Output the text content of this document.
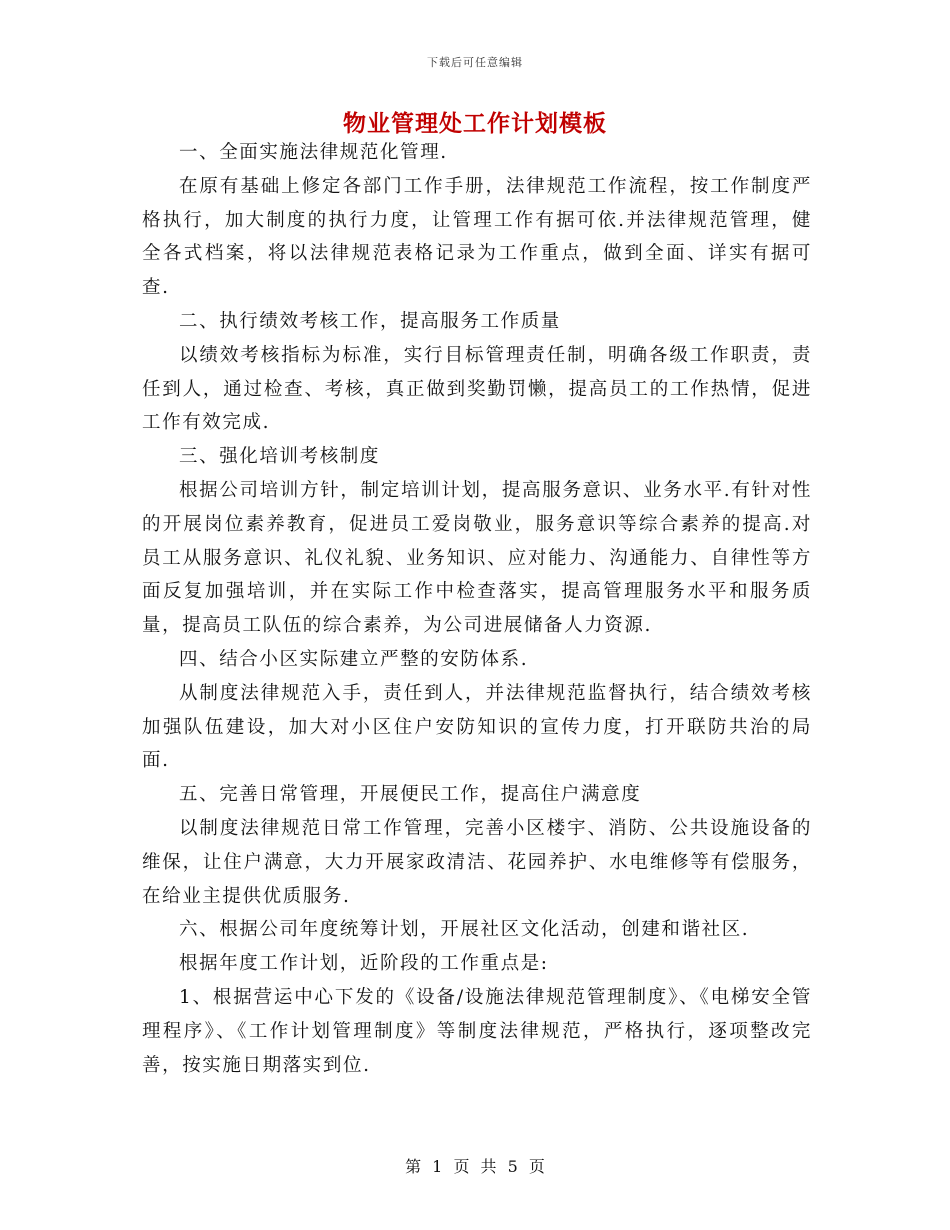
下载后可任意编辑
物业管理处工作计划模板

一、全面实施法律规范化管理.

在原有基础上修定各部门工作手册，法律规范工作流程，按工作制度严格执行，加大制度的执行力度，让管理工作有据可依.并法律规范管理，健全各式档案，将以法律规范表格记录为工作重点，做到全面、详实有据可查.

二、执行绩效考核工作，提高服务工作质量

以绩效考核指标为标准，实行目标管理责任制，明确各级工作职责，责任到人，通过检查、考核，真正做到奖勤罚懒，提高员工的工作热情，促进工作有效完成.

三、强化培训考核制度

根据公司培训方针，制定培训计划，提高服务意识、业务水平.有针对性的开展岗位素养教育，促进员工爱岗敬业，服务意识等综合素养的提高.对员工从服务意识、礼仪礼貌、业务知识、应对能力、沟通能力、自律性等方面反复加强培训，并在实际工作中检查落实，提高管理服务水平和服务质量，提高员工队伍的综合素养，为公司进展储备人力资源.

四、结合小区实际建立严整的安防体系.

从制度法律规范入手，责任到人，并法律规范监督执行，结合绩效考核加强队伍建设，加大对小区住户安防知识的宣传力度，打开联防共治的局面.

五、完善日常管理，开展便民工作，提高住户满意度

以制度法律规范日常工作管理，完善小区楼宇、消防、公共设施设备的维保，让住户满意，大力开展家政清洁、花园养护、水电维修等有偿服务，在给业主提供优质服务.

六、根据公司年度统筹计划，开展社区文化活动，创建和谐社区.

根据年度工作计划，近阶段的工作重点是:

1、根据营运中心下发的《设备/设施法律规范管理制度》、《电梯安全管理程序》、《工作计划管理制度》等制度法律规范，严格执行，逐项整改完善，按实施日期落实到位.

第 1 页 共 5 页
